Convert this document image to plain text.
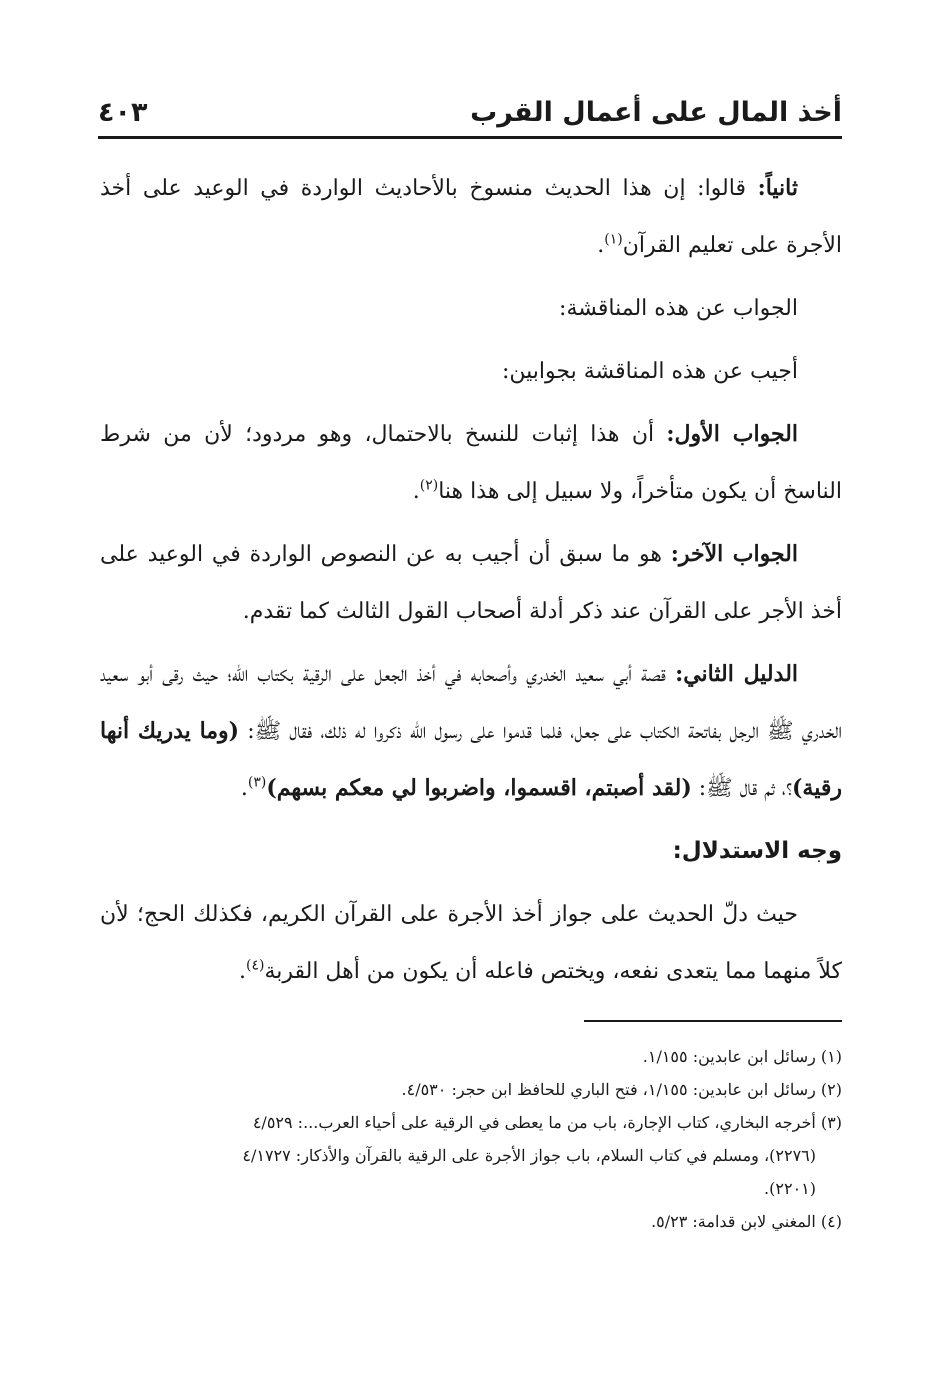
أخذ المال على أعمال القرب
٤٠٣

ثانياً: قالوا: إن هذا الحديث منسوخ بالأحاديث الواردة في الوعيد على أخذ الأجرة على تعليم القرآن$^{(١)}$.

الجواب عن هذه المناقشة:

أجيب عن هذه المناقشة بجوابين:

الجواب الأول: أن هذا إثبات للنسخ بالاحتمال، وهو مردود؛ لأن من شرط الناسخ أن يكون متأخراً، ولا سبيل إلى هذا هنا$^{(٢)}$.

الجواب الآخر: هو ما سبق أن أجيب به عن النصوص الواردة في الوعيد على أخذ الأجر على القرآن عند ذكر أدلة أصحاب القول الثالث كما تقدم.

الدليل الثاني: قصة أبي سعيد الخدري وأصحابه في أخذ الجعل على الرقية بكتاب الله؛ حيث رقى أبو سعيد الخدري ﷺ الرجل بفاتحة الكتاب على جعل، فلما قدموا على رسول الله ذكروا له ذلك، فقال ﷺ: (وما يدريك أنها رقية)؟، ثم قال ﷺ: (لقد أصبتم، اقسموا، واضربوا لي معكم بسهم)$^{(٣)}$.

وجه الاستدلال:

حيث دلّ الحديث على جواز أخذ الأجرة على القرآن الكريم، فكذلك الحج؛ لأن كلاً منهما مما يتعدى نفعه، ويختص فاعله أن يكون من أهل القربة$^{(٤)}$.

(١) رسائل ابن عابدين: ١/١٥٥.

(٢) رسائل ابن عابدين: ١/١٥٥، فتح الباري للحافظ ابن حجر: ٤/٥٣٠.

(٣) أخرجه البخاري، كتاب الإجارة، باب من ما يعطى في الرقية على أحياء العرب...: ٤/٥٢٩
(٢٢٧٦)، ومسلم في كتاب السلام، باب جواز الأجرة على الرقية بالقرآن والأذكار: ٤/١٧٢٧
(٢٢٠١).

(٤) المغني لابن قدامة: ٥/٢٣.
